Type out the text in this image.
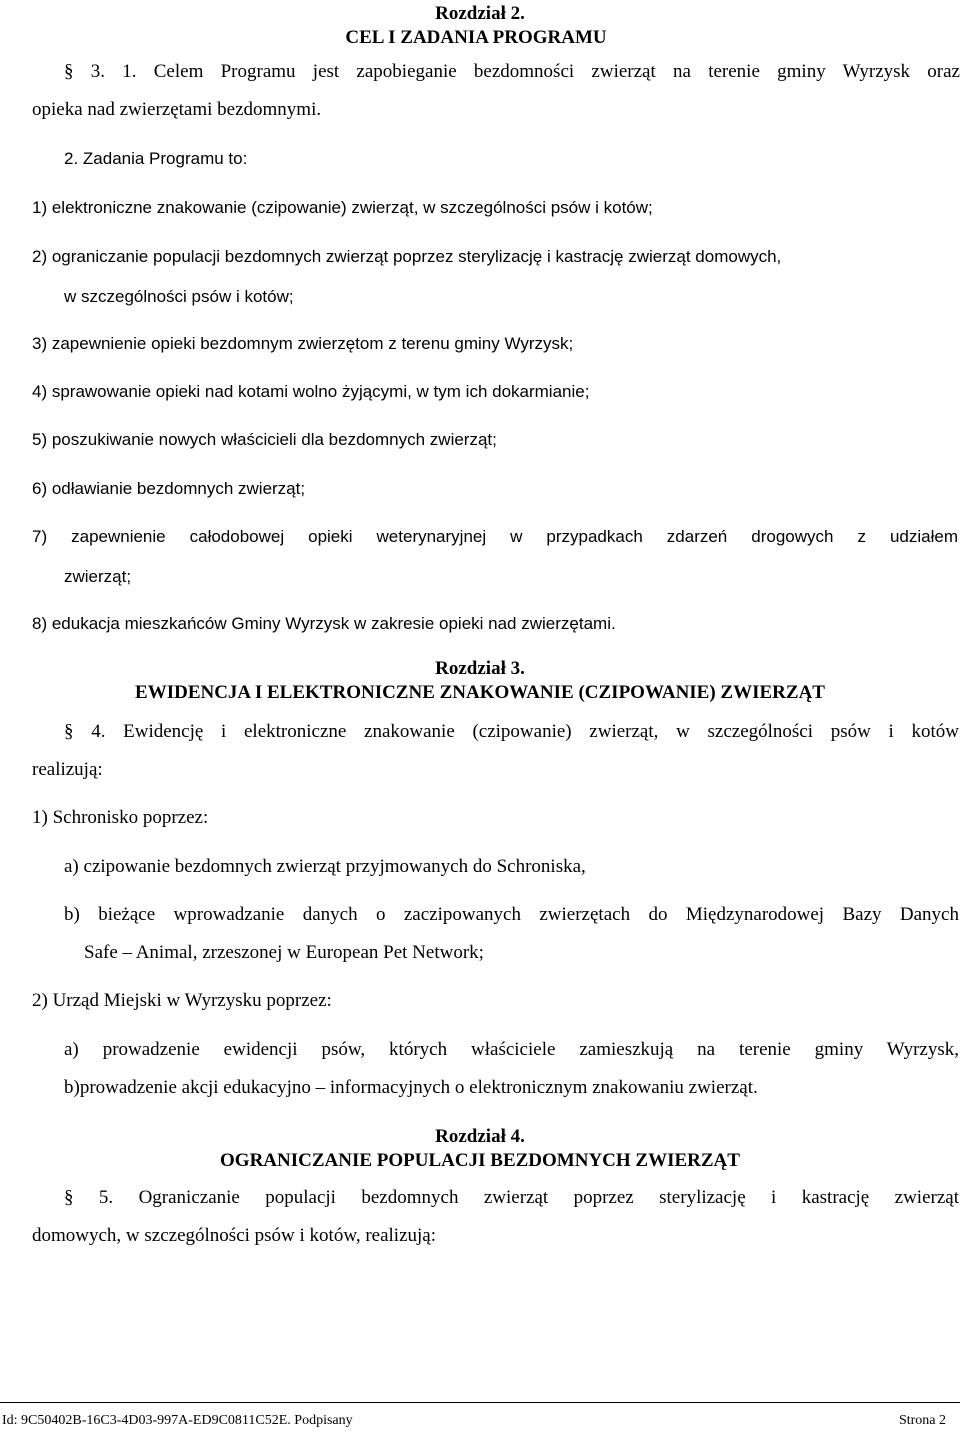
Rozdział 2.
CEL I ZADANIA PROGRAMU
§ 3. 1. Celem Programu jest zapobieganie bezdomności zwierząt na terenie gminy Wyrzysk oraz
opieka nad zwierzętami bezdomnymi.
2. Zadania Programu to:
1) elektroniczne znakowanie (czipowanie) zwierząt, w szczególności psów i kotów;
2) ograniczanie populacji bezdomnych zwierząt poprzez sterylizację i kastrację zwierząt domowych,
w szczególności psów i kotów;
3) zapewnienie opieki bezdomnym zwierzętom z terenu gminy Wyrzysk;
4) sprawowanie opieki nad kotami wolno żyjącymi, w tym ich dokarmianie;
5) poszukiwanie nowych właścicieli dla bezdomnych zwierząt;
6) odławianie bezdomnych zwierząt;
7) zapewnienie całodobowej opieki weterynaryjnej w przypadkach zdarzeń drogowych z udziałem
zwierząt;
8) edukacja mieszkańców Gminy Wyrzysk w zakresie opieki nad zwierzętami.
Rozdział 3.
EWIDENCJA I ELEKTRONICZNE ZNAKOWANIE (CZIPOWANIE) ZWIERZĄT
§ 4. Ewidencję i elektroniczne znakowanie (czipowanie) zwierząt, w szczególności psów i kotów
realizują:
1) Schronisko poprzez:
a) czipowanie bezdomnych zwierząt przyjmowanych do Schroniska,
b) bieżące wprowadzanie danych o zaczipowanych zwierzętach do Międzynarodowej Bazy Danych
Safe – Animal, zrzeszonej w European Pet Network;
2) Urząd Miejski w Wyrzysku poprzez:
a) prowadzenie ewidencji psów, których właściciele zamieszkują na terenie gminy Wyrzysk,
b)prowadzenie akcji edukacyjno – informacyjnych o elektronicznym znakowaniu zwierząt.
Rozdział 4.
OGRANICZANIE POPULACJI BEZDOMNYCH ZWIERZĄT
§ 5. Ograniczanie populacji bezdomnych zwierząt poprzez sterylizację i kastrację zwierząt
domowych, w szczególności psów i kotów, realizują:
Id: 9C50402B-16C3-4D03-997A-ED9C0811C52E. Podpisany	Strona 2
